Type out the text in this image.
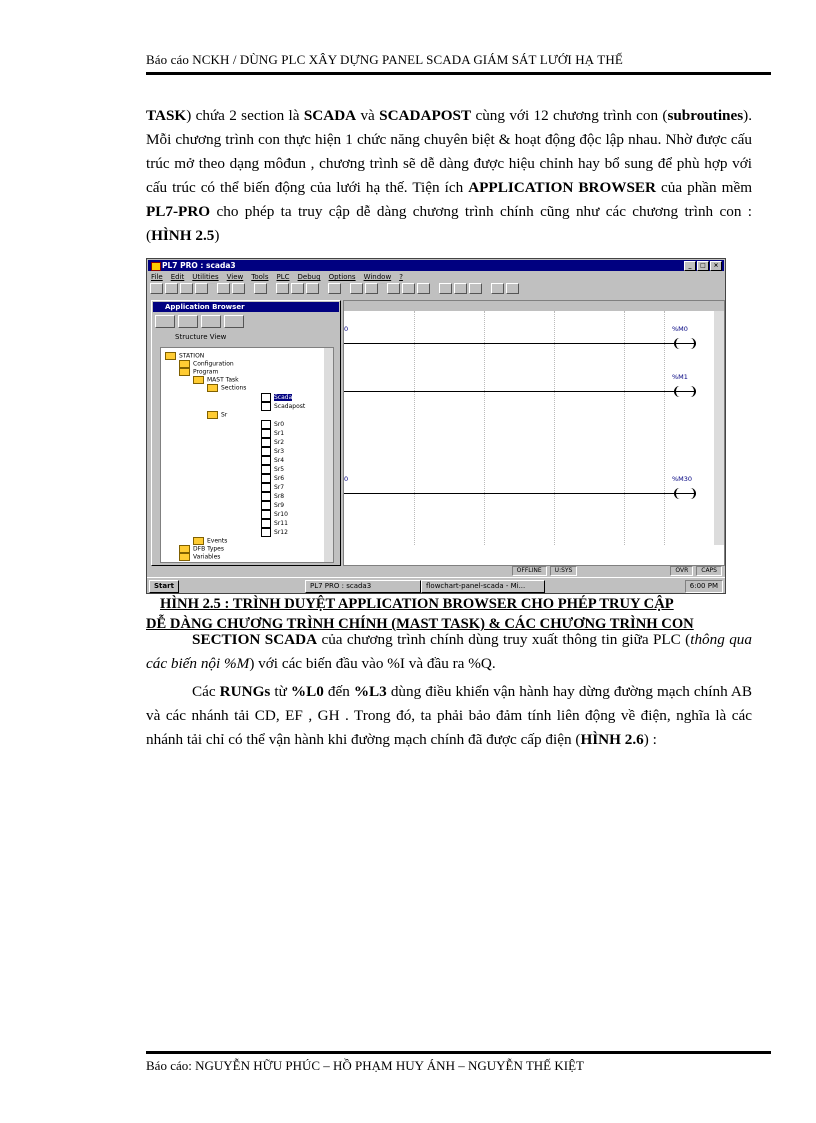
Báo cáo NCKH / DÙNG PLC XÂY DỰNG PANEL SCADA GIÁM SÁT LƯỚI HẠ THẾ
TASK) chứa 2 section là SCADA và SCADAPOST cùng với 12 chương trình con (subroutines). Mỗi chương trình con thực hiện 1 chức năng chuyên biệt & hoạt động độc lập nhau. Nhờ được cấu trúc mở theo dạng môđun , chương trình sẽ dễ dàng được hiệu chỉnh hay bổ sung để phù hợp với cấu trúc có thể biến động của lưới hạ thế. Tiện ích APPLICATION BROWSER của phần mềm PL7-PRO cho phép ta truy cập dễ dàng chương trình chính cũng như các chương trình con : (HÌNH 2.5)
PL7 PRO : scada3	_	□	×
File Edit Utilities View Tools PLC Debug Options Window ?
Application Browser
Structure View
STATION
Configuration
Program
MAST Task
Sections
Scada
Scadapost
Sr
Sr0
Sr1
Sr2
Sr3
Sr4
Sr5
Sr6
Sr7
Sr8
Sr9
Sr10
Sr11
Sr12
Events
DFB Types
Variables
0
0
%M0
%M1
%M30
OFFLINE	U:SYS	OVR	CAPS
Start	PL7 PRO : scada3	flowchart-panel-scada - Mi...	6:00 PM
HÌNH 2.5 : TRÌNH DUYỆT APPLICATION BROWSER CHO PHÉP TRUY CẬP
DỄ DÀNG CHƯƠNG TRÌNH CHÍNH (MAST TASK) & CÁC CHƯƠNG TRÌNH CON
SECTION SCADA của chương trình chính dùng truy xuất thông tin giữa PLC (thông qua các biến nội %M) với các biến đầu vào %I và đầu ra %Q.
Các RUNGs từ %L0 đến %L3 dùng điều khiển vận hành hay dừng đường mạch chính AB và các nhánh tải CD, EF , GH . Trong đó, ta phải bảo đảm tính liên động về điện, nghĩa là các nhánh tải chỉ có thể vận hành khi đường mạch chính đã được cấp điện (HÌNH 2.6) :
Báo cáo: NGUYỄN HỮU PHÚC – HỒ PHẠM HUY ÁNH – NGUYỄN THẾ KIỆT
